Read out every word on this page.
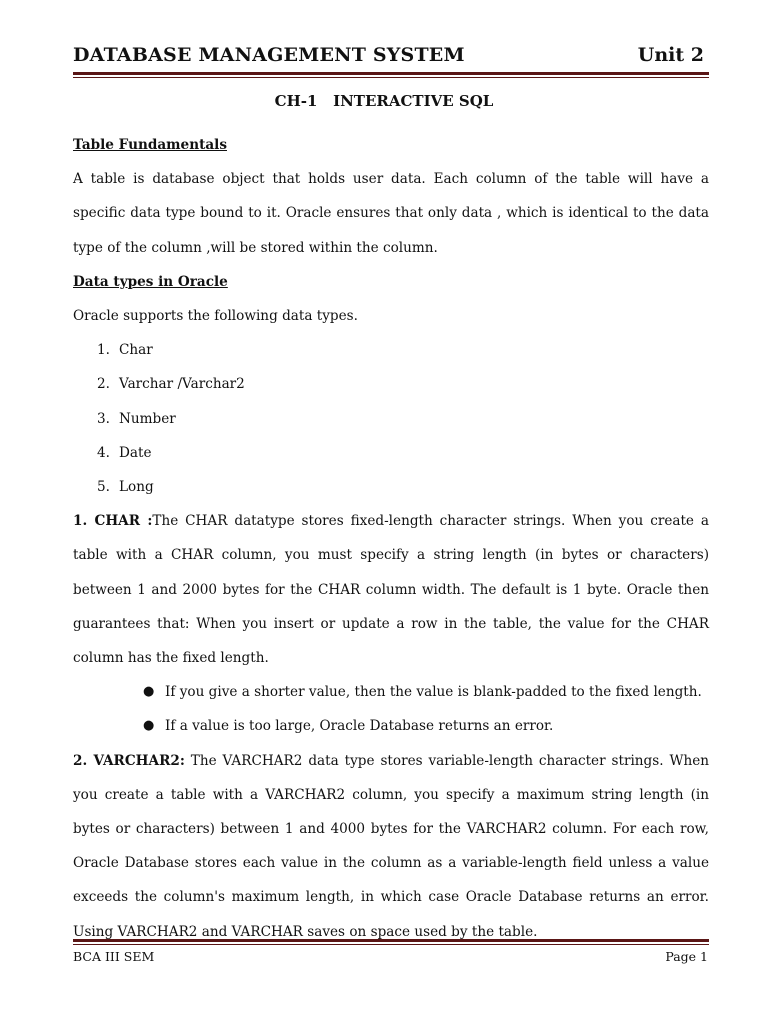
DATABASE MANAGEMENT SYSTEM	Unit 2
CH-1   INTERACTIVE SQL

Table Fundamentals

A table is database object that holds user data. Each column of the table will have a specific data type bound to it. Oracle ensures that only data , which is identical to the data type of the column ,will be stored within the column.

Data types in Oracle

Oracle supports the following data types.

1. Char
2. Varchar /Varchar2
3. Number
4. Date
5. Long

1. CHAR :The CHAR datatype stores fixed-length character strings. When you create a table with a CHAR column, you must specify a string length (in bytes or characters) between 1 and 2000 bytes for the CHAR column width. The default is 1 byte. Oracle then guarantees that: When you insert or update a row in the table, the value for the CHAR column has the fixed length.

● If you give a shorter value, then the value is blank-padded to the fixed length.
● If a value is too large, Oracle Database returns an error.

2. VARCHAR2: The VARCHAR2 data type stores variable-length character strings. When you create a table with a VARCHAR2 column, you specify a maximum string length (in bytes or characters) between 1 and 4000 bytes for the VARCHAR2 column. For each row, Oracle Database stores each value in the column as a variable-length field unless a value exceeds the column's maximum length, in which case Oracle Database returns an error. Using VARCHAR2 and VARCHAR saves on space used by the table.

BCA III SEM	Page 1
